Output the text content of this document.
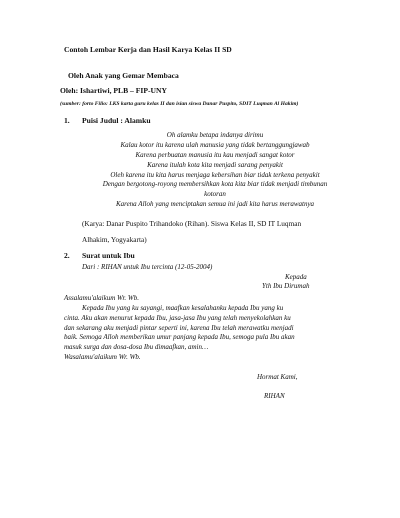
Contoh Lembar Kerja dan Hasil Karya Kelas II SD
Oleh Anak yang Gemar Membaca
Oleh: Ishartiwi, PLB – FIP-UNY
(sumber: forto Filio: LKS karta guru kelas II dan isian siswa Danar Puspito, SDIT Luqman Al Hakim)
1. Puisi Judul : Alamku
Oh alamku betapa indanya dirimu
Kalau kotor itu karena ulah manusia yang tidak bertanggungjawab
Karena perbuatan manusia itu kau menjadi sangat kotor
Karena itulah kota kita menjadi sarang penyakit
Oleh karena itu kita harus menjaga kebersihan biar tidak terkena penyakit
Dengan bergotong-royong membersihkan kota kita biar tidak menjadi timbunan
kotoran
Karena Alloh yang menciptakan semua ini jadi kita harus merawatnya
(Karya: Danar Puspito Trihandoko (Rihan). Siswa Kelas II, SD IT Luqman
Alhakim, Yogyakarta)
2. Surat untuk Ibu
Dari : RIHAN untuk Ibu tercinta (12-05-2004)
Kepada
Yth Ibu Dirumah
Assalamu'alaikum Wr. Wb.
Kepada Ibu yang ku sayangi, maafkan kesalahanku kepada Ibu yang ku
cinta. Aku akan menurut kepada Ibu, jasa-jasa Ibu yang telah menyekolahkan ku
dan sekarang aku menjadi pintar seperti ini, karena Ibu telah merawatku menjadi
baik. Semoga Alloh memberikan umur panjang kepada Ibu, semoga pula Ibu akan
masuk surga dan dosa-dosa Ibu dimaafkan, amin…
Wasalamu'alaikum Wr. Wb.
Hormat Kami,
RIHAN
